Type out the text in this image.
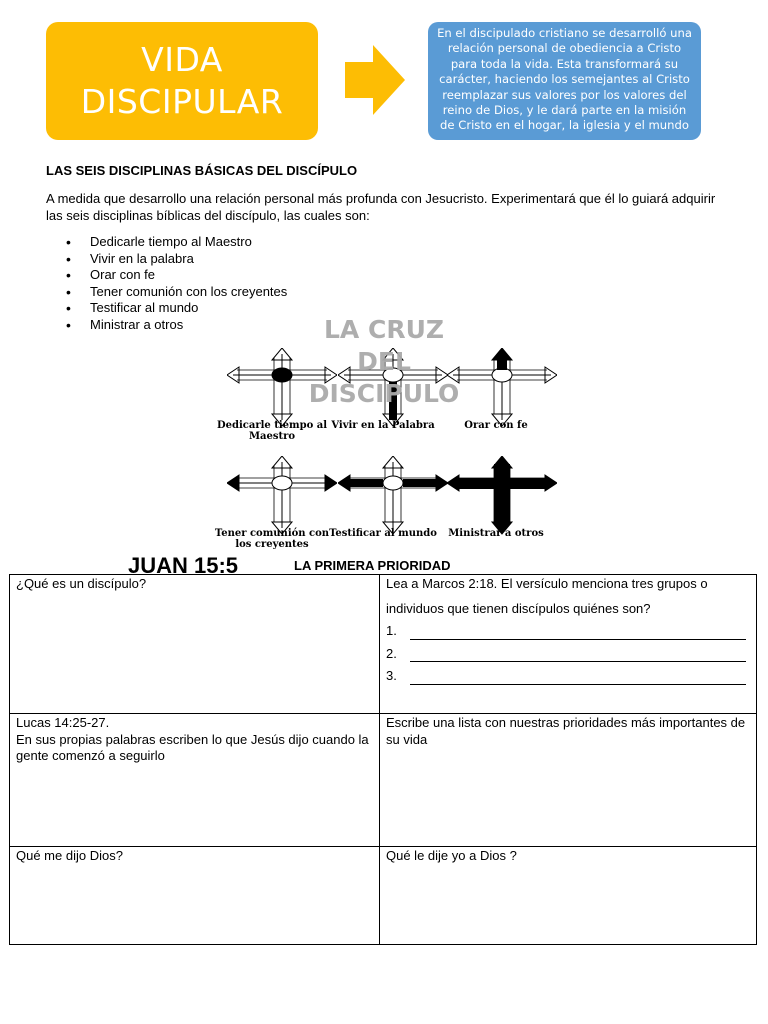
VIDA
DISCIPULAR
En el discipulado cristiano se desarrolló una relación personal de obediencia a Cristo para toda la vida. Esta transformará su carácter, haciendo los semejantes al Cristo reemplazar sus valores por los valores del reino de Dios, y le dará parte en la misión de Cristo en el hogar, la iglesia y el mundo
LAS SEIS DISCIPLINAS BÁSICAS DEL DISCÍPULO
A medida que desarrollo una relación personal más profunda con Jesucristo. Experimentará que él lo guiará adquirir las seis disciplinas bíblicas del discípulo, las cuales son:
• Dedicarle tiempo al Maestro
• Vivir en la palabra
• Orar con fe
• Tener comunión con los creyentes
• Testificar al mundo
• Ministrar a otros
Dedicarle tiempo al Maestro
Vivir en la Palabra	Orar con fe
Tener comunión con los creyentes
Testificar al mundo	Ministrar a otros
LA CRUZ DEL DISCIPULO
JUAN 15:5	LA PRIMERA PRIORIDAD
¿Qué es un discípulo?	Lea a Marcos 2:18. El versículo menciona tres grupos o
individuos que tienen discípulos quiénes son?
1.
2.
3.

Lucas 14:25-27.
En sus propias palabras escriben lo que Jesús dijo cuando la gente comenzó a seguirlo	Escribe una lista con nuestras prioridades más importantes de su vida

Qué me dijo Dios?	Qué le dije yo a Dios ?
